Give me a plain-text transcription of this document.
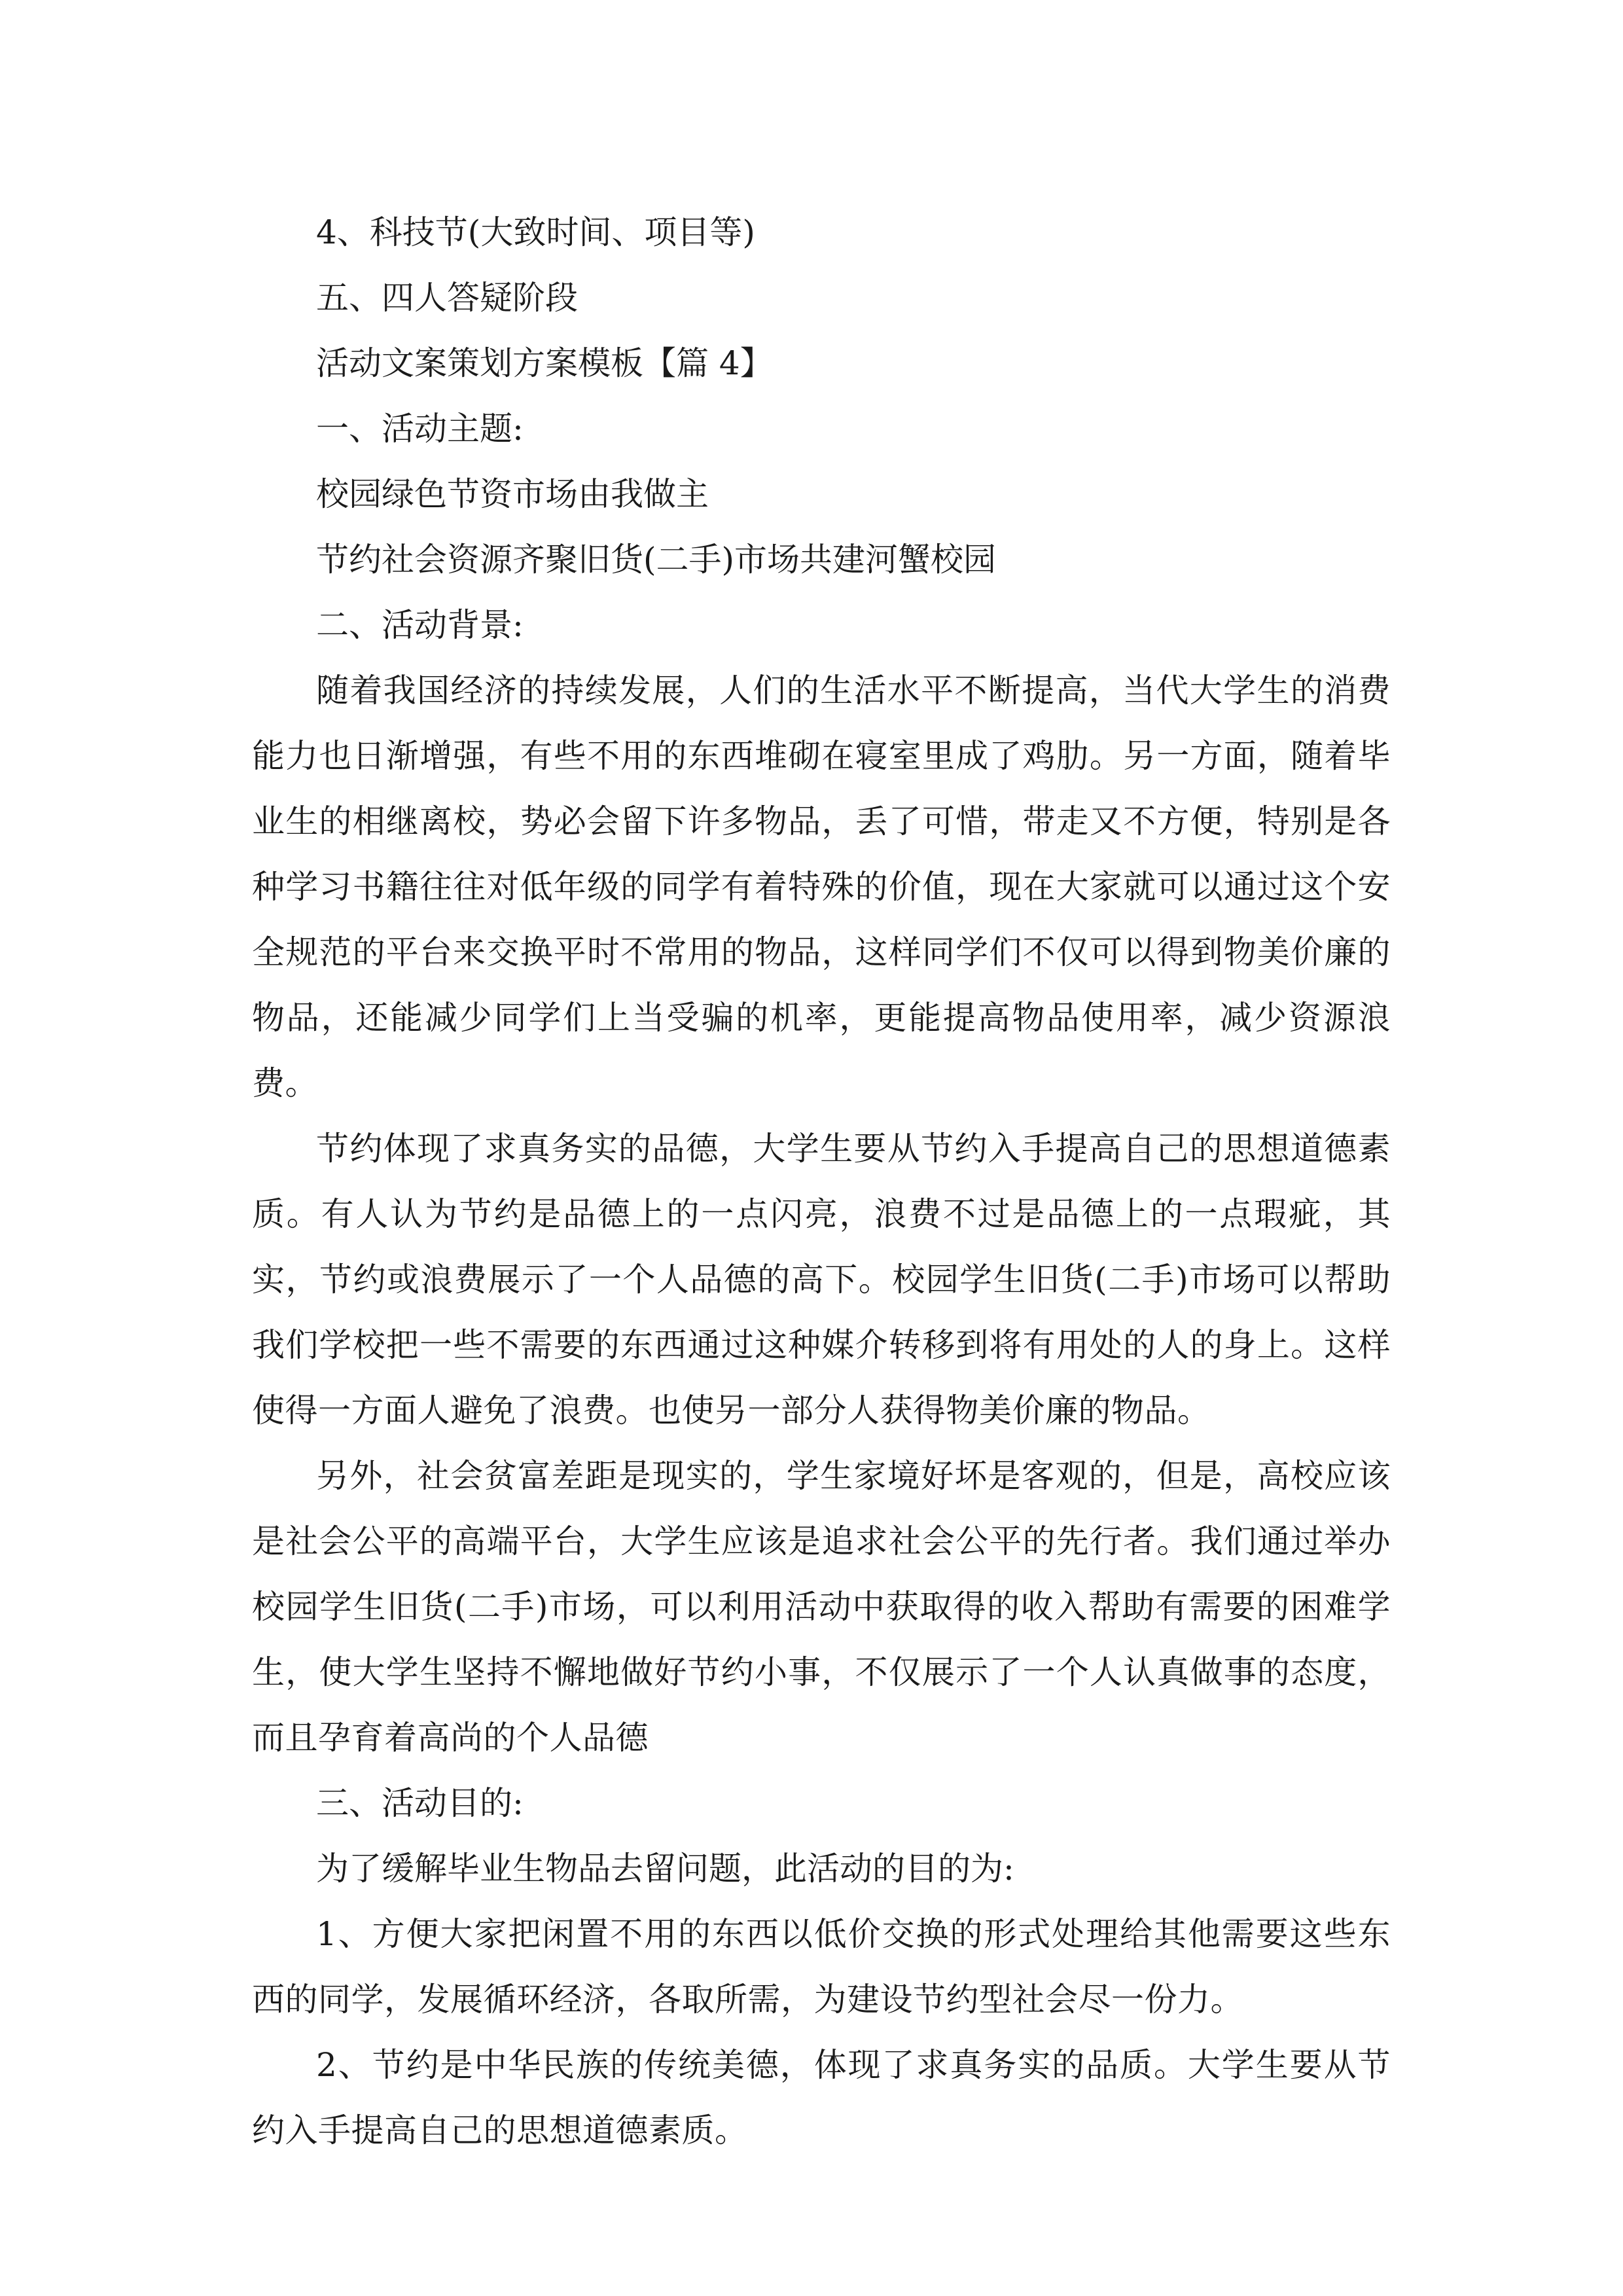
4、科技节(大致时间、项目等)

五、四人答疑阶段

活动文案策划方案模板【篇 4】

一、活动主题:

校园绿色节资市场由我做主

节约社会资源齐聚旧货(二手)市场共建河蟹校园

二、活动背景:

随着我国经济的持续发展，人们的生活水平不断提高，当代大学生的消费能力也日渐增强，有些不用的东西堆砌在寝室里成了鸡肋。另一方面，随着毕业生的相继离校，势必会留下许多物品，丢了可惜，带走又不方便，特别是各种学习书籍往往对低年级的同学有着特殊的价值，现在大家就可以通过这个安全规范的平台来交换平时不常用的物品，这样同学们不仅可以得到物美价廉的物品，还能减少同学们上当受骗的机率，更能提高物品使用率，减少资源浪费。

节约体现了求真务实的品德，大学生要从节约入手提高自己的思想道德素质。有人认为节约是品德上的一点闪亮，浪费不过是品德上的一点瑕疵，其实，节约或浪费展示了一个人品德的高下。校园学生旧货(二手)市场可以帮助我们学校把一些不需要的东西通过这种媒介转移到将有用处的人的身上。这样使得一方面人避免了浪费。也使另一部分人获得物美价廉的物品。

另外，社会贫富差距是现实的，学生家境好坏是客观的，但是，高校应该是社会公平的高端平台，大学生应该是追求社会公平的先行者。我们通过举办校园学生旧货(二手)市场，可以利用活动中获取得的收入帮助有需要的困难学生，使大学生坚持不懈地做好节约小事，不仅展示了一个人认真做事的态度，而且孕育着高尚的个人品德

三、活动目的:

为了缓解毕业生物品去留问题，此活动的目的为:

1、方便大家把闲置不用的东西以低价交换的形式处理给其他需要这些东西的同学，发展循环经济，各取所需，为建设节约型社会尽一份力。

2、节约是中华民族的传统美德，体现了求真务实的品质。大学生要从节约入手提高自己的思想道德素质。
